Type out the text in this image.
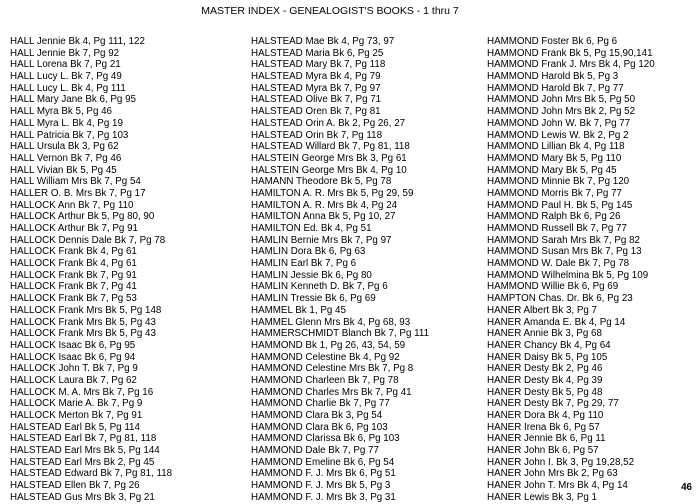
MASTER INDEX - GENEALOGIST'S BOOKS - 1 thru 7
HALL Jennie Bk 4, Pg 111, 122
HALL Jennie Bk 7, Pg 92
HALL Lorena Bk 7, Pg 21
HALL Lucy L. Bk 7, Pg 49
HALL Lucy L. Bk 4, Pg 111
HALL Mary Jane Bk 6, Pg 95
HALL Myra Bk 5, Pg 46
HALL Myra L. Bk 4, Pg 19
HALL Patricia Bk 7, Pg 103
HALL Ursula Bk 3, Pg 62
HALL Vernon Bk 7, Pg 46
HALL Vivian Bk 5, Pg 45
HALL William Mrs Bk 7, Pg 54
HALLER O. B. Mrs Bk 7, Pg 17
HALLOCK Ann Bk 7, Pg 110
HALLOCK Arthur Bk 5, Pg 80, 90
HALLOCK Arthur Bk 7, Pg 91
HALLOCK Dennis Dale Bk 7, Pg 78
HALLOCK Frank Bk 4, Pg 61
HALLOCK Frank Bk 4, Pg 61
HALLOCK Frank Bk 7, Pg 91
HALLOCK Frank Bk 7, Pg 41
HALLOCK Frank Bk 7, Pg 53
HALLOCK Frank Mrs Bk 5, Pg 148
HALLOCK Frank Mrs Bk 5, Pg 43
HALLOCK Frank Mrs Bk 5, Pg 43
HALLOCK Isaac Bk 6, Pg 95
HALLOCK Isaac Bk 6, Pg 94
HALLOCK John T. Bk 7, Pg 9
HALLOCK Laura Bk 7, Pg 62
HALLOCK M. A. Mrs Bk 7, Pg 16
HALLOCK Marie A. Bk 7, Pg 9
HALLOCK Merton Bk 7, Pg 91
HALSTEAD Earl Bk 5, Pg 114
HALSTEAD Earl Bk 7, Pg 81, 118
HALSTEAD Earl Mrs Bk 5, Pg 144
HALSTEAD Earl Mrs Bk 2, Pg 45
HALSTEAD Edward Bk 7, Pg 81, 118
HALSTEAD Ellen Bk 7, Pg 26
HALSTEAD Gus Mrs Bk 3, Pg 21
HALSTEAD Mae Bk 4, Pg 73, 97
HALSTEAD Maria Bk 6, Pg 25
HALSTEAD Mary Bk 7, Pg 118
HALSTEAD Myra Bk 4, Pg 79
HALSTEAD Myra Bk 7, Pg 97
HALSTEAD Olive Bk 7, Pg 71
HALSTEAD Oren Bk 7, Pg 81
HALSTEAD Orin A. Bk 2, Pg 26, 27
HALSTEAD Orin Bk 7, Pg 118
HALSTEAD Willard Bk 7, Pg 81, 118
HALSTEIN George Mrs Bk 3, Pg 61
HALSTEIN George Mrs Bk 4, Pg 10
HAMANN Theodore Bk 5, Pg 78
HAMILTON A. R. Mrs Bk 5, Pg 29, 59
HAMILTON A. R. Mrs Bk 4, Pg 24
HAMILTON Anna Bk 5, Pg 10, 27
HAMILTON Ed. Bk 4, Pg 51
HAMLIN Bernie Mrs Bk 7, Pg 97
HAMLIN Dora Bk 6, Pg 63
HAMLIN Earl Bk 7, Pg 6
HAMLIN Jessie Bk 6, Pg 80
HAMLIN Kenneth D. Bk 7, Pg 6
HAMLIN Tressie Bk 6, Pg 69
HAMMEL Bk 1, Pg 45
HAMMEL Glenn Mrs Bk 4, Pg 68, 93
HAMMERSCHMIDT Blanch Bk 7, Pg 111
HAMMOND Bk 1, Pg 26, 43, 54, 59
HAMMOND Celestine Bk 4, Pg 92
HAMMOND Celestine Mrs Bk 7, Pg 8
HAMMOND Charleen Bk 7, Pg 78
HAMMOND Charles Mrs Bk 7, Pg 41
HAMMOND Charlie Bk 7, Pg 77
HAMMOND Clara Bk 3, Pg 54
HAMMOND Clara Bk 6, Pg 103
HAMMOND Clarissa Bk 6, Pg 103
HAMMOND Dale Bk 7, Pg 77
HAMMOND Emeline Bk 6, Pg 54
HAMMOND F. J. Mrs Bk 6, Pg 51
HAMMOND F. J. Mrs Bk 5, Pg 3
HAMMOND F. J. Mrs Bk 3, Pg 31
HAMMOND Foster Bk 6, Pg 6
HAMMOND Frank Bk 5, Pg 15,90,141
HAMMOND Frank J. Mrs Bk 4, Pg 120
HAMMOND Harold Bk 5, Pg 3
HAMMOND Harold Bk 7, Pg 77
HAMMOND John Mrs Bk 5, Pg 50
HAMMOND John Mrs Bk 2, Pg 52
HAMMOND John W. Bk 7, Pg 77
HAMMOND Lewis W. Bk 2, Pg 2
HAMMOND Lillian Bk 4, Pg 118
HAMMOND Mary Bk 5, Pg 110
HAMMOND Mary Bk 5, Pg 45
HAMMOND Minnie Bk 7, Pg 120
HAMMOND Morris Bk 7, Pg 77
HAMMOND Paul H. Bk 5, Pg 145
HAMMOND Ralph Bk 6, Pg 26
HAMMOND Russell Bk 7, Pg 77
HAMMOND Sarah Mrs Bk 7, Pg 82
HAMMOND Susan Mrs Bk 7, Pg 13
HAMMOND W. Dale Bk 7, Pg 78
HAMMOND Wilhelmina Bk 5, Pg 109
HAMMOND Willie Bk 6, Pg 69
HAMPTON Chas. Dr. Bk 6, Pg 23
HANER Albert Bk 3, Pg 7
HANER Amanda E. Bk 4, Pg 14
HANER Annie Bk 3, Pg 68
HANER Chancy Bk 4, Pg 64
HANER Daisy Bk 5, Pg 105
HANER Desty Bk 2, Pg 46
HANER Desty Bk 4, Pg 39
HANER Desty Bk 5, Pg 48
HANER Desty Bk 7, Pg 29, 77
HANER Dora Bk 4, Pg 110
HANER Irena Bk 6, Pg 57
HANER Jennie Bk 6, Pg 11
HANER John Bk 6, Pg 57
HANER John I. Bk 3, Pg 19,28,52
HANER John Mrs Bk 2, Pg 63
HANER John T. Mrs Bk 4, Pg 14
HANER Lewis Bk 3, Pg 1
46
